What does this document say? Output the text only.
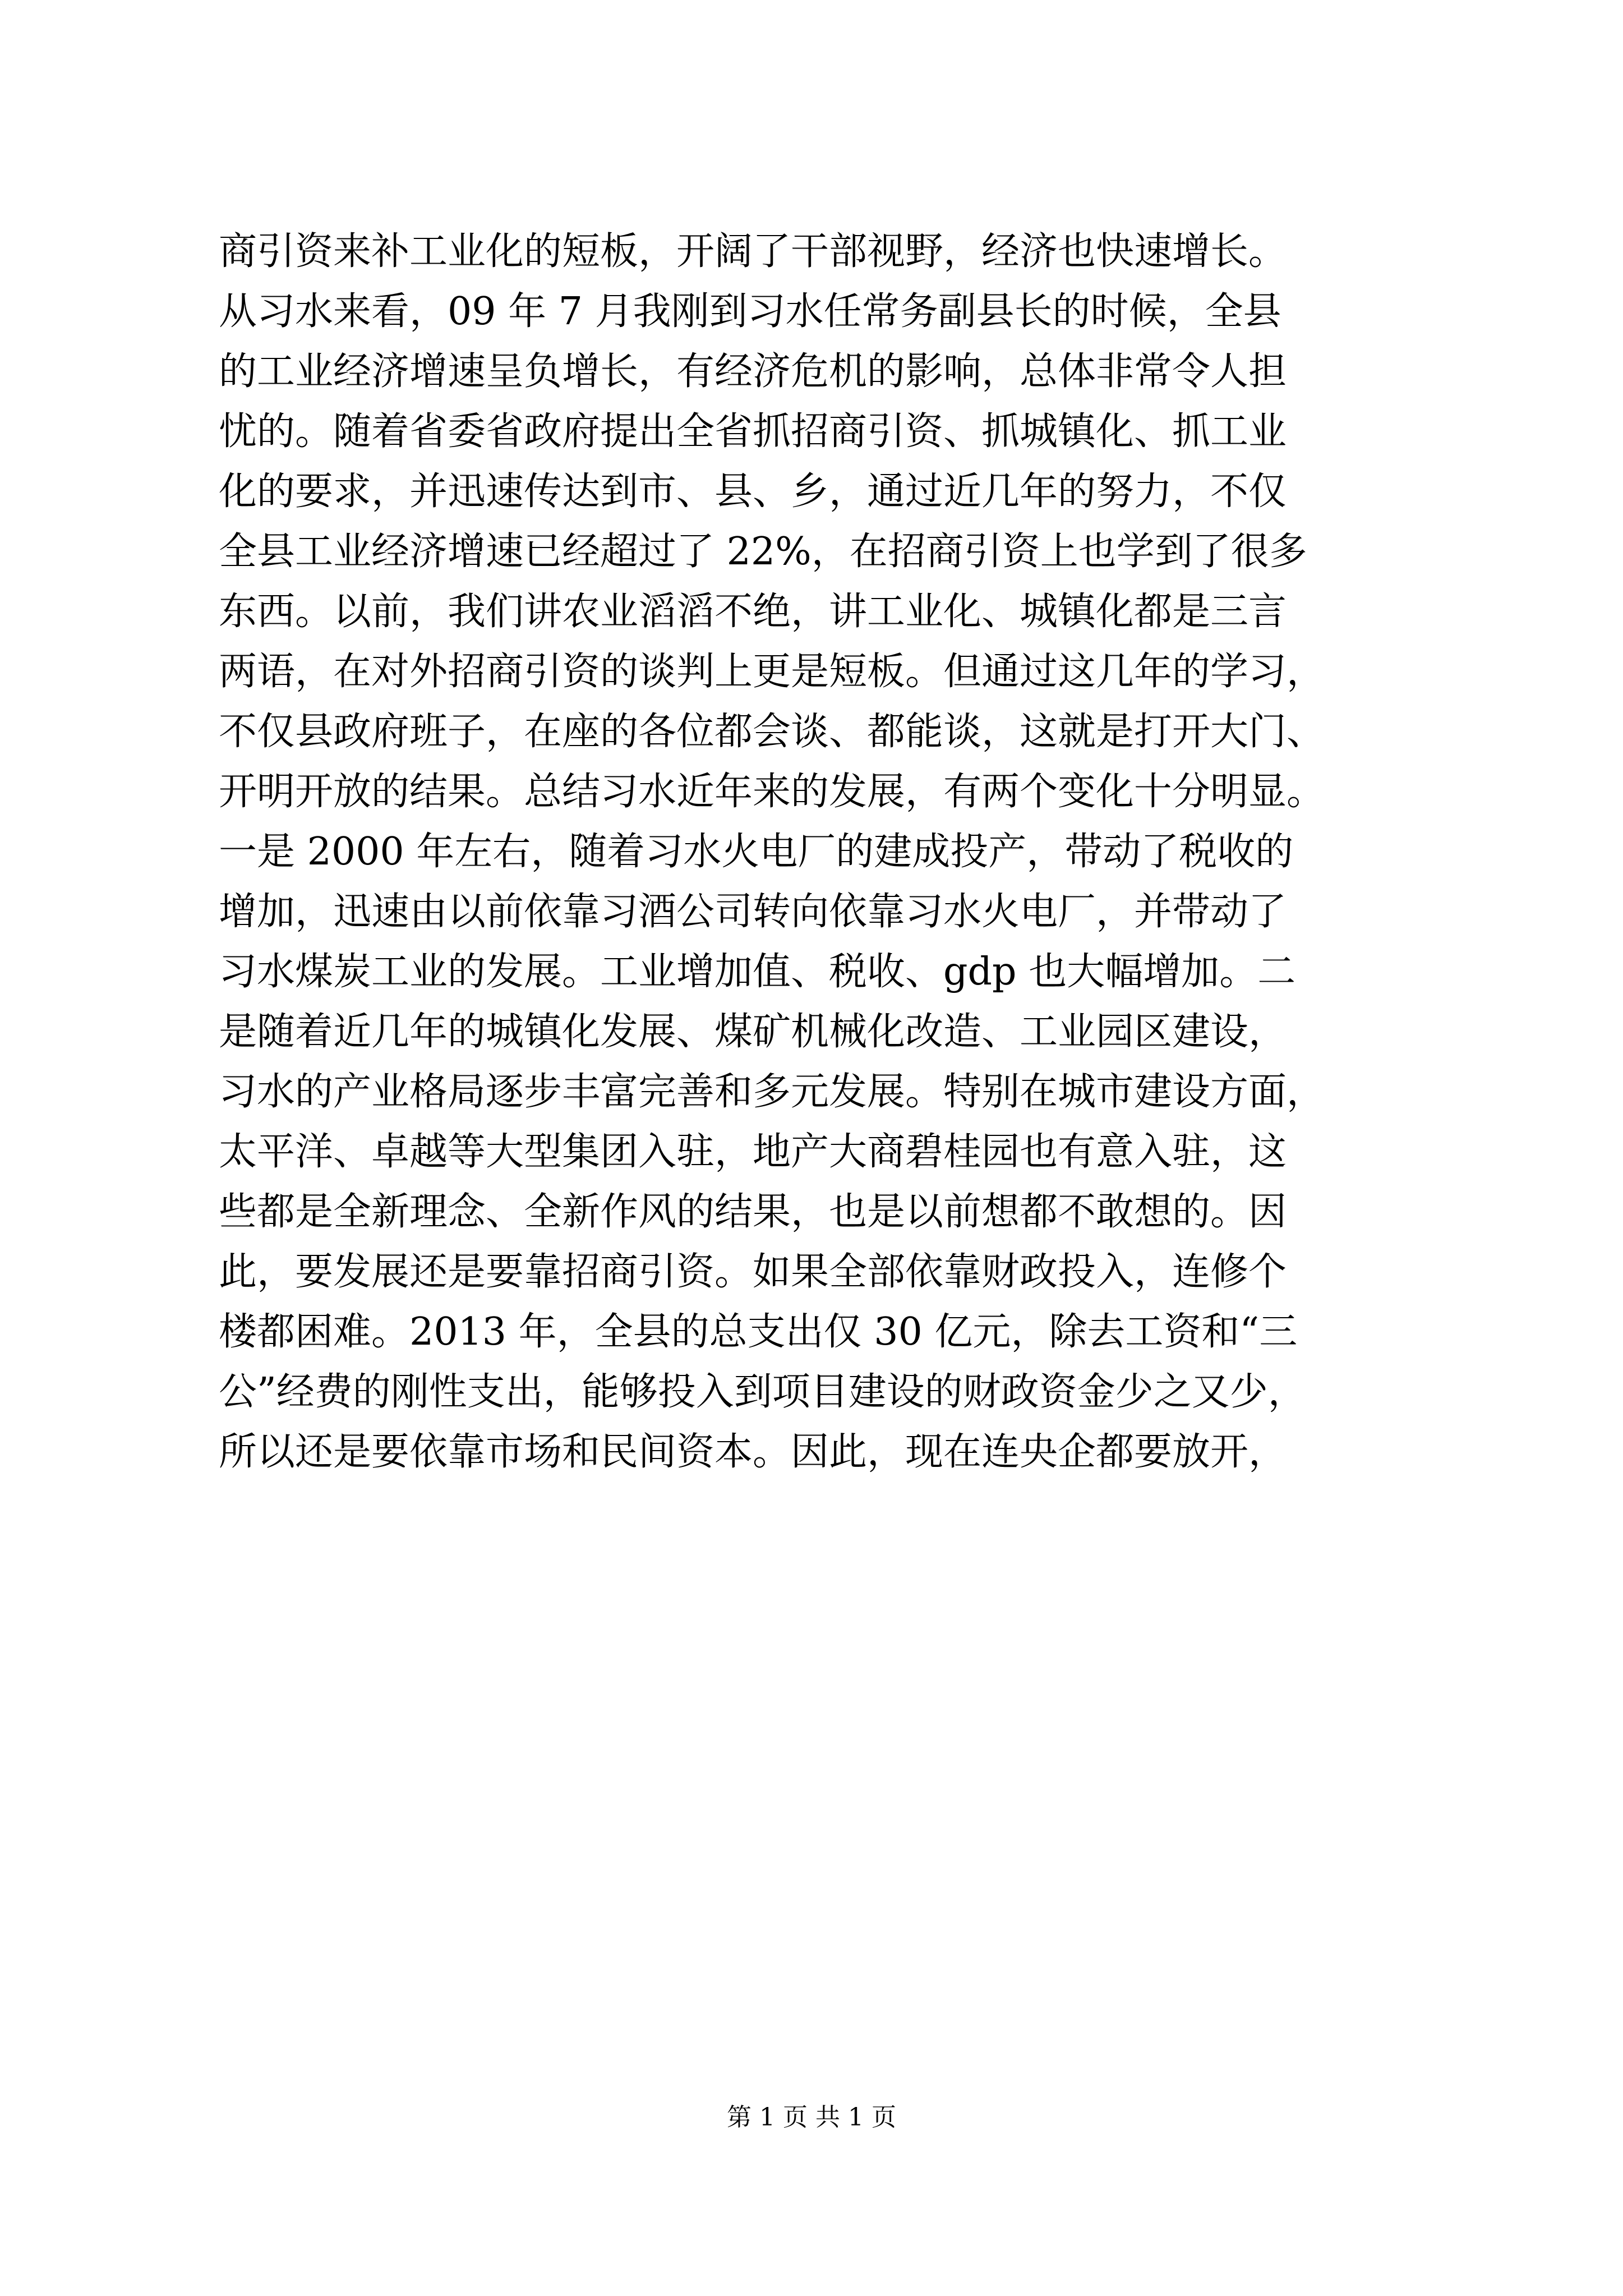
商引资来补工业化的短板，开阔了干部视野，经济也快速增长。
从习水来看，09 年 7 月我刚到习水任常务副县长的时候，全县
的工业经济增速呈负增长，有经济危机的影响，总体非常令人担
忧的。随着省委省政府提出全省抓招商引资、抓城镇化、抓工业
化的要求，并迅速传达到市、县、乡，通过近几年的努力，不仅
全县工业经济增速已经超过了 22%，在招商引资上也学到了很多
东西。以前，我们讲农业滔滔不绝，讲工业化、城镇化都是三言
两语，在对外招商引资的谈判上更是短板。但通过这几年的学习，
不仅县政府班子，在座的各位都会谈、都能谈，这就是打开大门、
开明开放的结果。总结习水近年来的发展，有两个变化十分明显。
一是 2000 年左右，随着习水火电厂的建成投产，带动了税收的
增加，迅速由以前依靠习酒公司转向依靠习水火电厂，并带动了
习水煤炭工业的发展。工业增加值、税收、gdp 也大幅增加。二
是随着近几年的城镇化发展、煤矿机械化改造、工业园区建设，
习水的产业格局逐步丰富完善和多元发展。特别在城市建设方面，
太平洋、卓越等大型集团入驻，地产大商碧桂园也有意入驻，这
些都是全新理念、全新作风的结果，也是以前想都不敢想的。因
此，要发展还是要靠招商引资。如果全部依靠财政投入，连修个
楼都困难。2013 年，全县的总支出仅 30 亿元，除去工资和“三
公”经费的刚性支出，能够投入到项目建设的财政资金少之又少，
所以还是要依靠市场和民间资本。因此，现在连央企都要放开，
第 1 页 共 1 页
